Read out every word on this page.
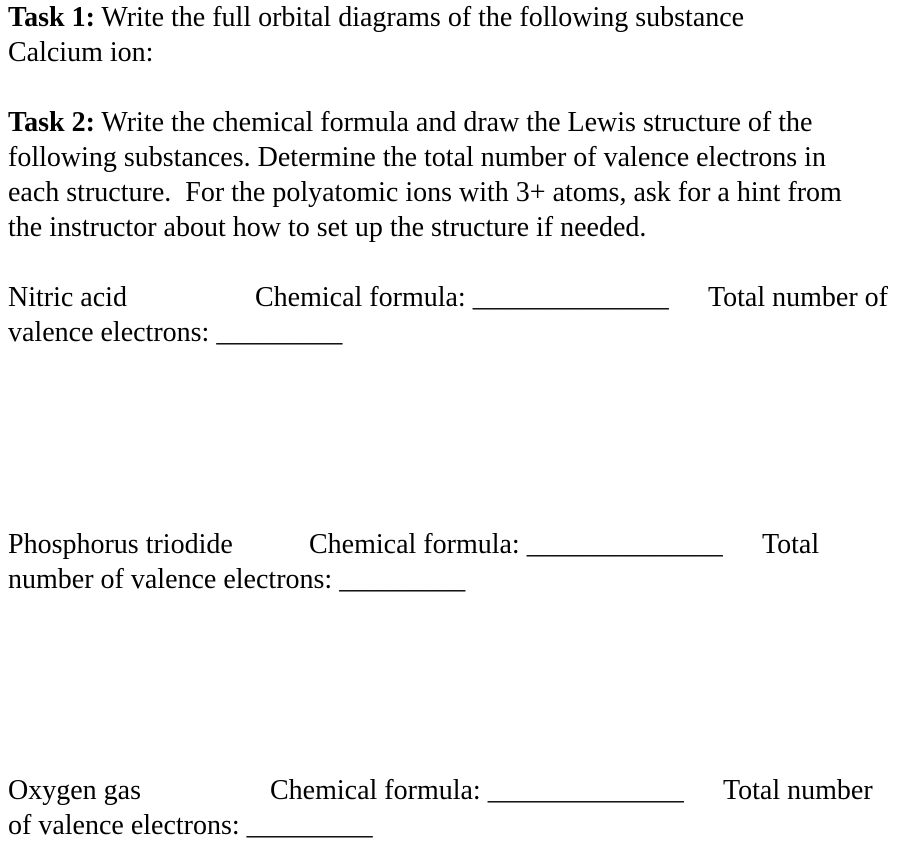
Task 1: Write the full orbital diagrams of the following substance
Calcium ion:
Task 2: Write the chemical formula and draw the Lewis structure of the
following substances. Determine the total number of valence electrons in
each structure.  For the polyatomic ions with 3+ atoms, ask for a hint from
the instructor about how to set up the structure if needed.
Nitric acid	Chemical formula: ______________ Total number of
valence electrons: _________
Phosphorus triodide	Chemical formula: ______________ Total
number of valence electrons: _________
Oxygen gas	Chemical formula: ______________ Total number
of valence electrons: _________
